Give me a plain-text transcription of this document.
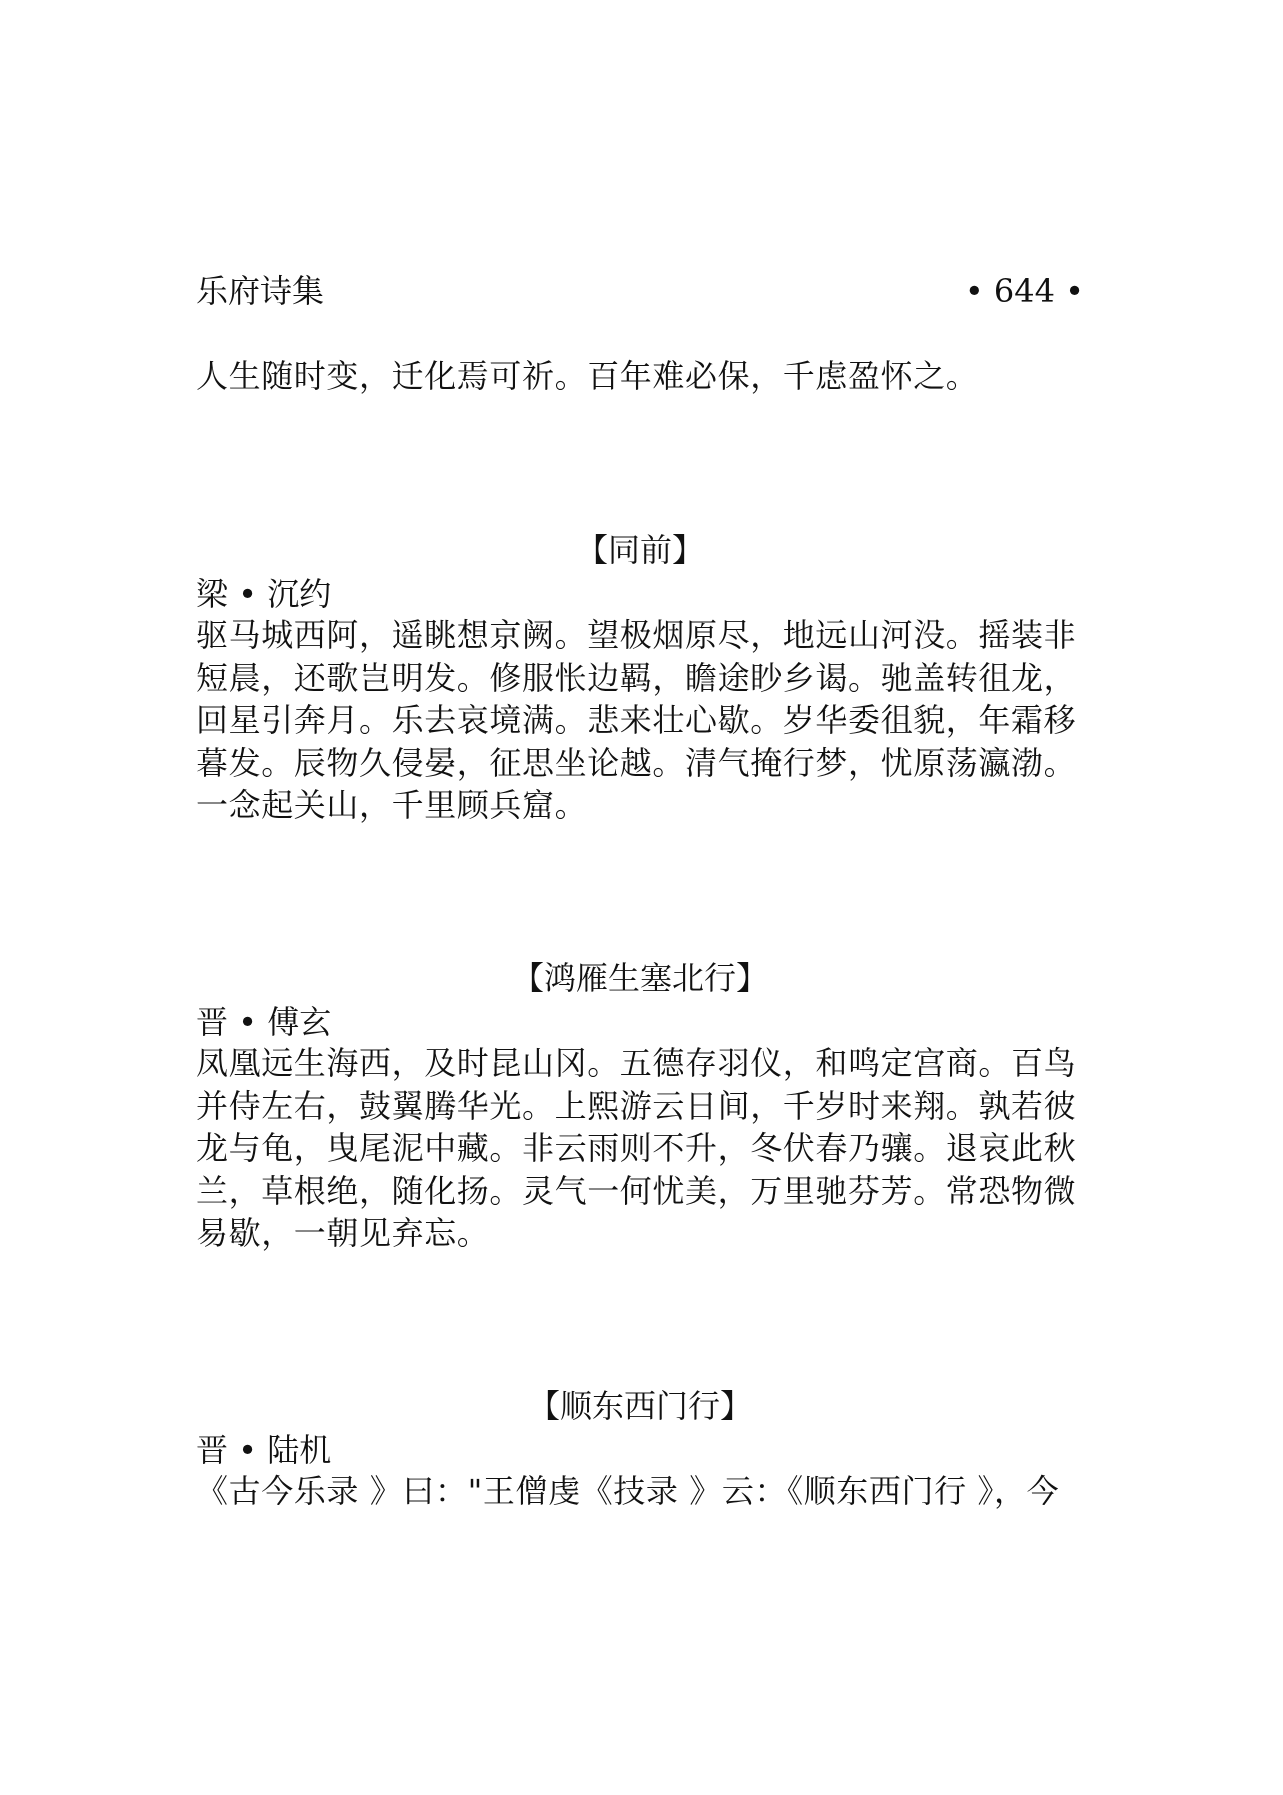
乐府诗集	• 644 •
人生随时变，迁化焉可祈。百年难必保，千虑盈怀之。
【同前】
梁 • 沉约
驱马城西阿，遥眺想京阙。望极烟原尽，地远山河没。摇装非
短晨，还歌岂明发。修服怅边羁，瞻途眇乡谒。驰盖转徂龙，
回星引奔月。乐去哀境满。悲来壮心歇。岁华委徂貌，年霜移
暮发。辰物久侵晏，征思坐论越。清气掩行梦，忧原荡瀛渤。
一念起关山，千里顾兵窟。
【鸿雁生塞北行】
晋 • 傅玄
凤凰远生海西，及时昆山冈。五德存羽仪，和鸣定宫商。百鸟
并侍左右，鼓翼腾华光。上熙游云日间，千岁时来翔。孰若彼
龙与龟，曳尾泥中藏。非云雨则不升，冬伏春乃骧。退哀此秋
兰，草根绝，随化扬。灵气一何忧美，万里驰芬芳。常恐物微
易歇，一朝见弃忘。
【顺东西门行】
晋 • 陆机
《古今乐录 》曰："王僧虔《技录 》云：《顺东西门行 》，今
